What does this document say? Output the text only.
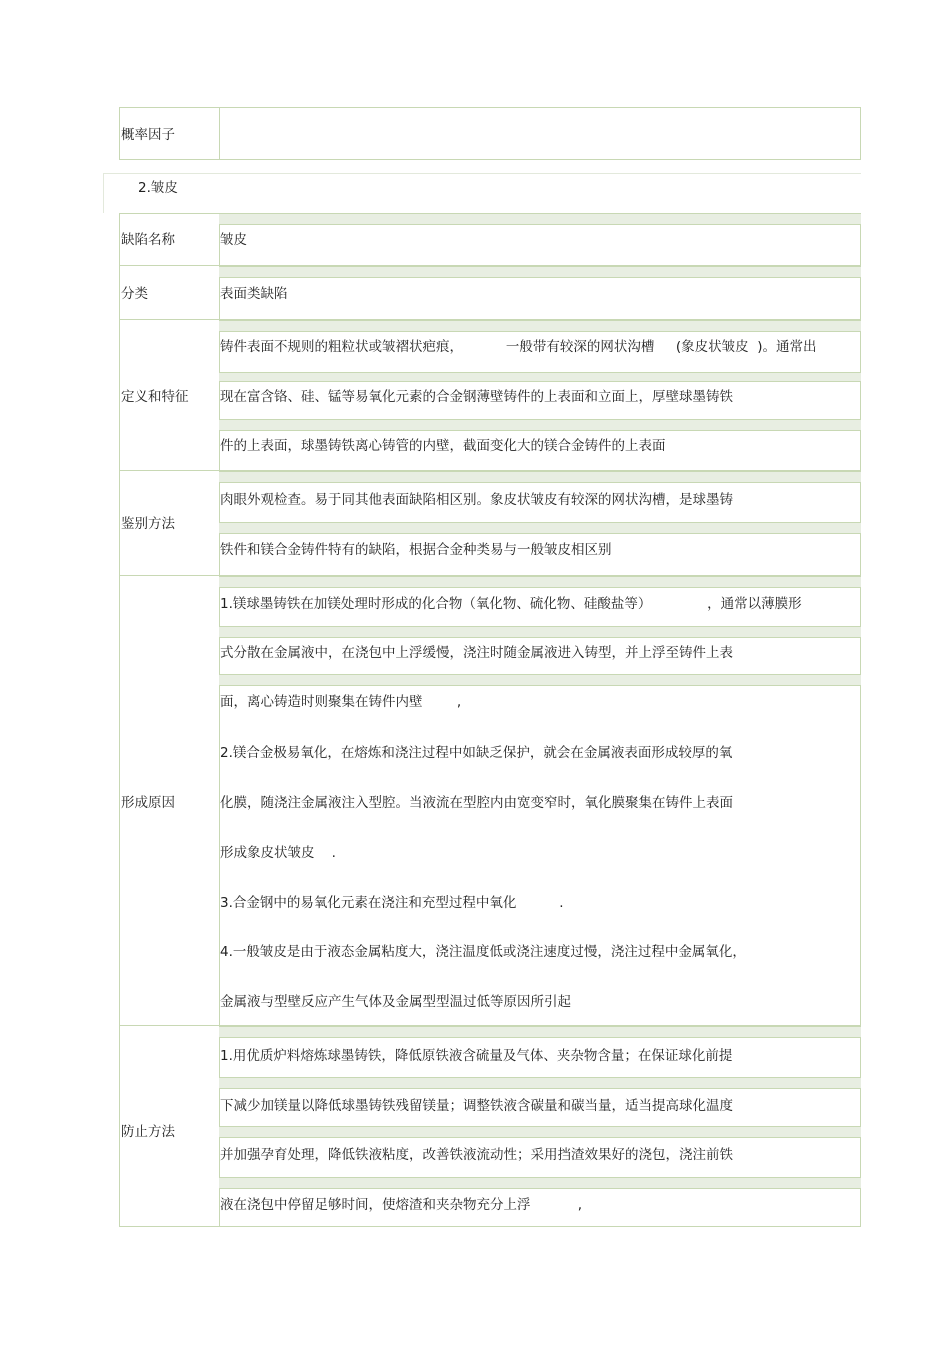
概率因子
2.皱皮
缺陷名称	皱皮
分类	表面类缺陷
定义和特征
铸件表面不规则的粗粒状或皱褶状疤痕，          一般带有较深的网状沟槽     (象皮状皱皮  )。通常出
现在富含铬、硅、锰等易氧化元素的合金钢薄壁铸件的上表面和立面上，厚壁球墨铸铁
件的上表面，球墨铸铁离心铸管的内壁，截面变化大的镁合金铸件的上表面
鉴别方法
肉眼外观检查。易于同其他表面缺陷相区别。象皮状皱皮有较深的网状沟槽，是球墨铸
铁件和镁合金铸件特有的缺陷，根据合金种类易与一般皱皮相区别
形成原因
1.镁球墨铸铁在加镁处理时形成的化合物（氧化物、硫化物、硅酸盐等）             ，通常以薄膜形
式分散在金属液中，在浇包中上浮缓慢，浇注时随金属液进入铸型，并上浮至铸件上表
面，离心铸造时则聚集在铸件内壁        ,
2.镁合金极易氧化，在熔炼和浇注过程中如缺乏保护，就会在金属液表面形成较厚的氧
化膜，随浇注金属液注入型腔。当液流在型腔内由宽变窄时，氧化膜聚集在铸件上表面
形成象皮状皱皮    .
3.合金钢中的易氧化元素在浇注和充型过程中氧化          .
4.一般皱皮是由于液态金属粘度大，浇注温度低或浇注速度过慢，浇注过程中金属氧化，
金属液与型壁反应产生气体及金属型型温过低等原因所引起
防止方法
1.用优质炉料熔炼球墨铸铁，降低原铁液含硫量及气体、夹杂物含量；在保证球化前提
下减少加镁量以降低球墨铸铁残留镁量；调整铁液含碳量和碳当量，适当提高球化温度
并加强孕育处理，降低铁液粘度，改善铁液流动性；采用挡渣效果好的浇包，浇注前铁
液在浇包中停留足够时间，使熔渣和夹杂物充分上浮           ,
